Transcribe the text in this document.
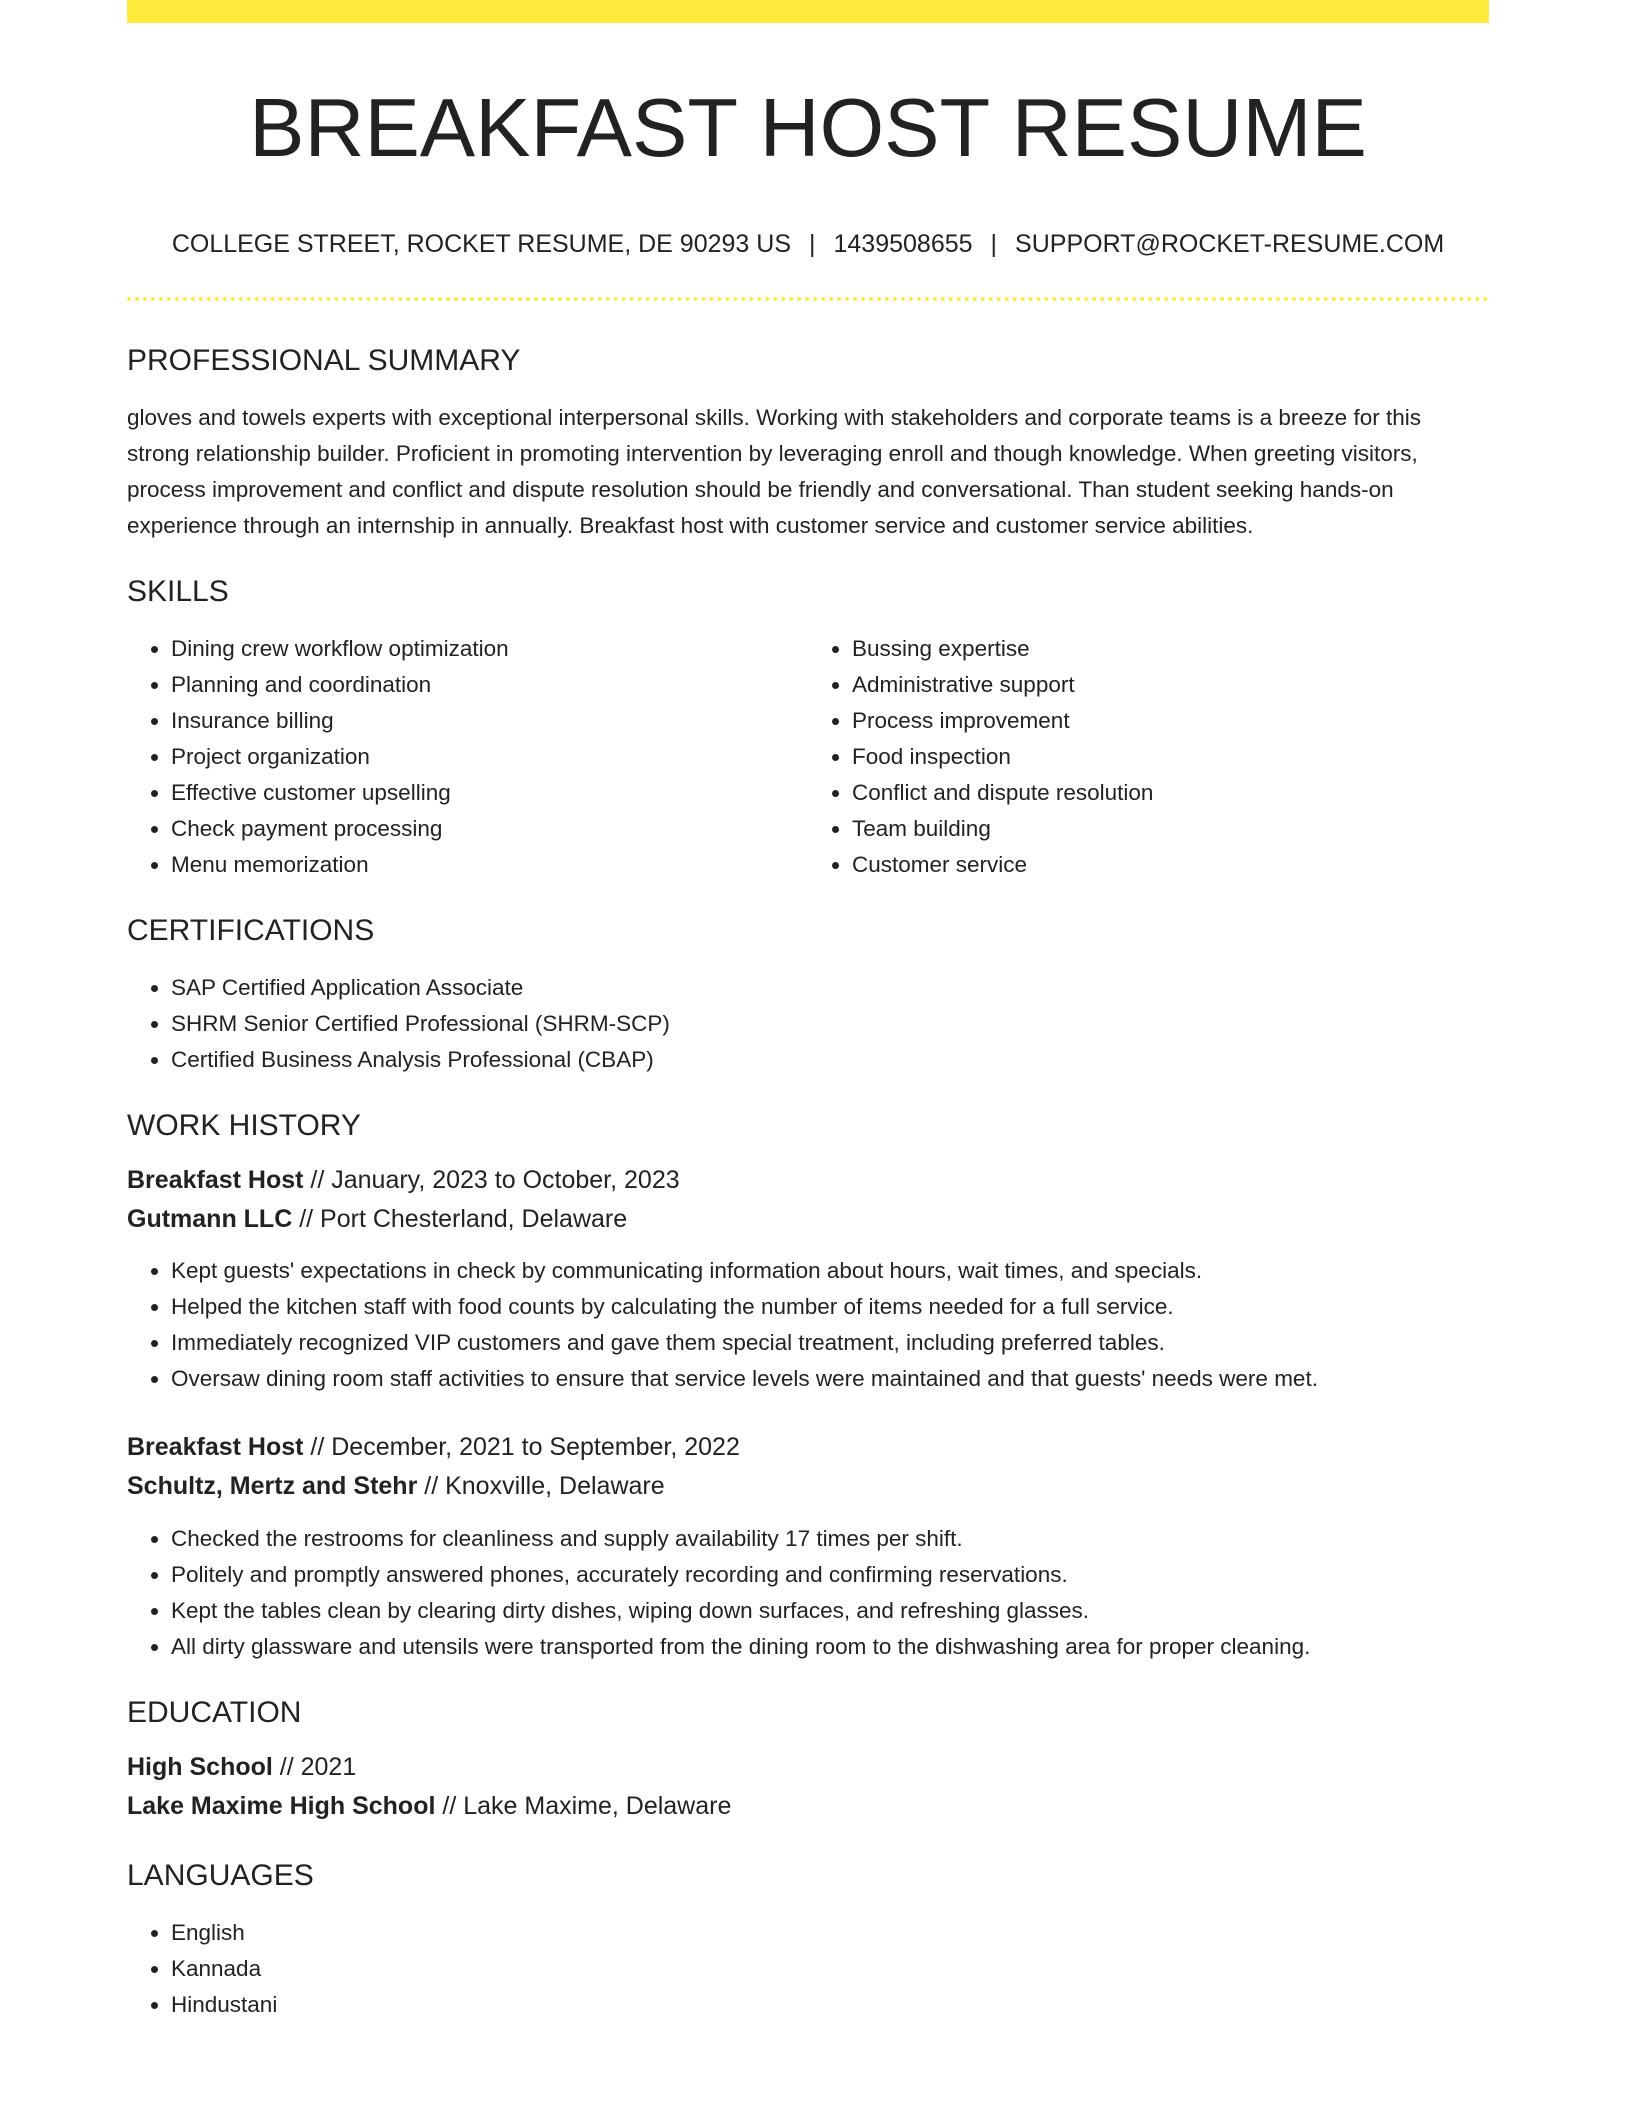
BREAKFAST HOST RESUME
COLLEGE STREET, ROCKET RESUME, DE 90293 US | 1439508655 | SUPPORT@ROCKET-RESUME.COM
PROFESSIONAL SUMMARY

gloves and towels experts with exceptional interpersonal skills. Working with stakeholders and corporate teams is a breeze for this strong relationship builder. Proficient in promoting intervention by leveraging enroll and though knowledge. When greeting visitors, process improvement and conflict and dispute resolution should be friendly and conversational. Than student seeking hands-on experience through an internship in annually. Breakfast host with customer service and customer service abilities.

SKILLS
• Dining crew workflow optimization
• Planning and coordination
• Insurance billing
• Project organization
• Effective customer upselling
• Check payment processing
• Menu memorization
• Bussing expertise
• Administrative support
• Process improvement
• Food inspection
• Conflict and dispute resolution
• Team building
• Customer service
CERTIFICATIONS
• SAP Certified Application Associate
• SHRM Senior Certified Professional (SHRM-SCP)
• Certified Business Analysis Professional (CBAP)
WORK HISTORY

Breakfast Host // January, 2023 to October, 2023

Gutmann LLC // Port Chesterland, Delaware

• Kept guests' expectations in check by communicating information about hours, wait times, and specials.
• Helped the kitchen staff with food counts by calculating the number of items needed for a full service.
• Immediately recognized VIP customers and gave them special treatment, including preferred tables.
• Oversaw dining room staff activities to ensure that service levels were maintained and that guests' needs were met.

Breakfast Host // December, 2021 to September, 2022

Schultz, Mertz and Stehr // Knoxville, Delaware

• Checked the restrooms for cleanliness and supply availability 17 times per shift.
• Politely and promptly answered phones, accurately recording and confirming reservations.
• Kept the tables clean by clearing dirty dishes, wiping down surfaces, and refreshing glasses.
• All dirty glassware and utensils were transported from the dining room to the dishwashing area for proper cleaning.
EDUCATION

High School // 2021

Lake Maxime High School // Lake Maxime, Delaware

LANGUAGES
• English
• Kannada
• Hindustani
